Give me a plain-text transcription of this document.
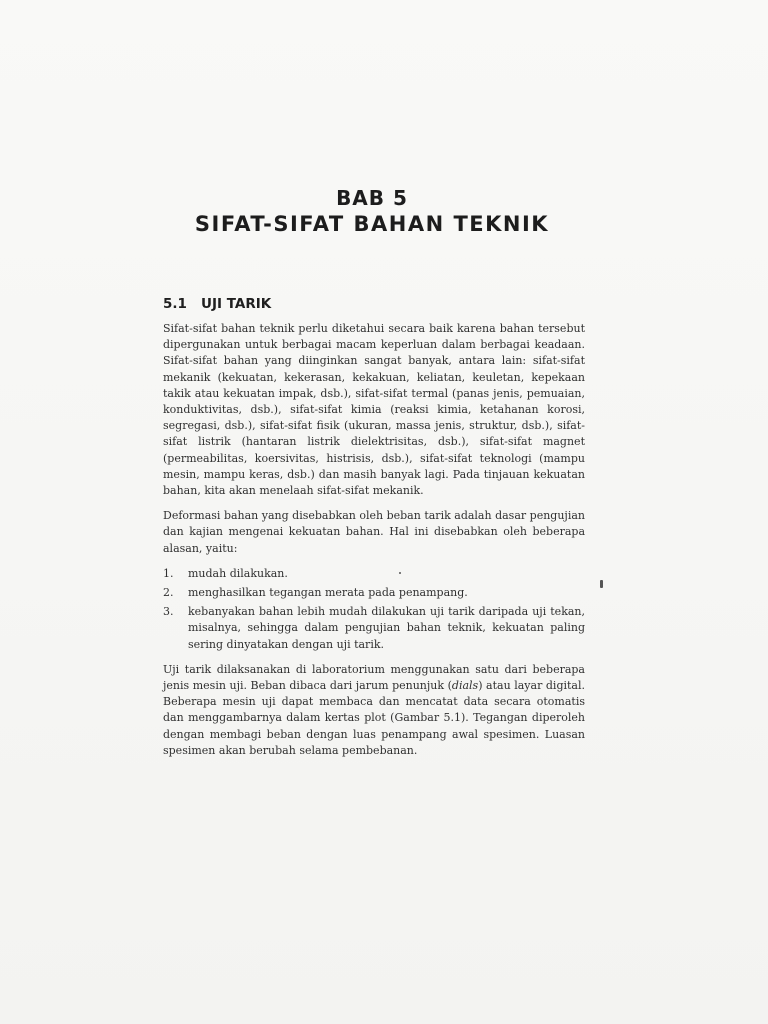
BAB 5
SIFAT-SIFAT BAHAN TEKNIK
5.1 UJI TARIK

Sifat-sifat bahan teknik perlu diketahui secara baik karena bahan tersebut dipergunakan untuk berbagai macam keperluan dalam berbagai keadaan. Sifat-sifat bahan yang diinginkan sangat banyak, antara lain: sifat-sifat mekanik (kekuatan, kekerasan, kekakuan, keliatan, keuletan, kepekaan takik atau kekuatan impak, dsb.), sifat-sifat termal (panas jenis, pemuaian, konduktivitas, dsb.), sifat-sifat kimia (reaksi kimia, ketahanan korosi, segregasi, dsb.), sifat-sifat fisik (ukuran, massa jenis, struktur, dsb.), sifat-sifat listrik (hantaran listrik dielektrisitas, dsb.), sifat-sifat magnet (permeabilitas, koersivitas, histrisis, dsb.), sifat-sifat teknologi (mampu mesin, mampu keras, dsb.) dan masih banyak lagi. Pada tinjauan kekuatan bahan, kita akan menelaah sifat-sifat mekanik.

Deformasi bahan yang disebabkan oleh beban tarik adalah dasar pengujian dan kajian mengenai kekuatan bahan. Hal ini disebabkan oleh beberapa alasan, yaitu:

1. mudah dilakukan.
2. menghasilkan tegangan merata pada penampang.
3. kebanyakan bahan lebih mudah dilakukan uji tarik daripada uji tekan, misalnya, sehingga dalam pengujian bahan teknik, kekuatan paling sering dinyatakan dengan uji tarik.

Uji tarik dilaksanakan di laboratorium menggunakan satu dari beberapa jenis mesin uji. Beban dibaca dari jarum penunjuk (dials) atau layar digital. Beberapa mesin uji dapat membaca dan mencatat data secara otomatis dan menggambarnya dalam kertas plot (Gambar 5.1). Tegangan diperoleh dengan membagi beban dengan luas penampang awal spesimen. Luasan spesimen akan berubah selama pembebanan.
